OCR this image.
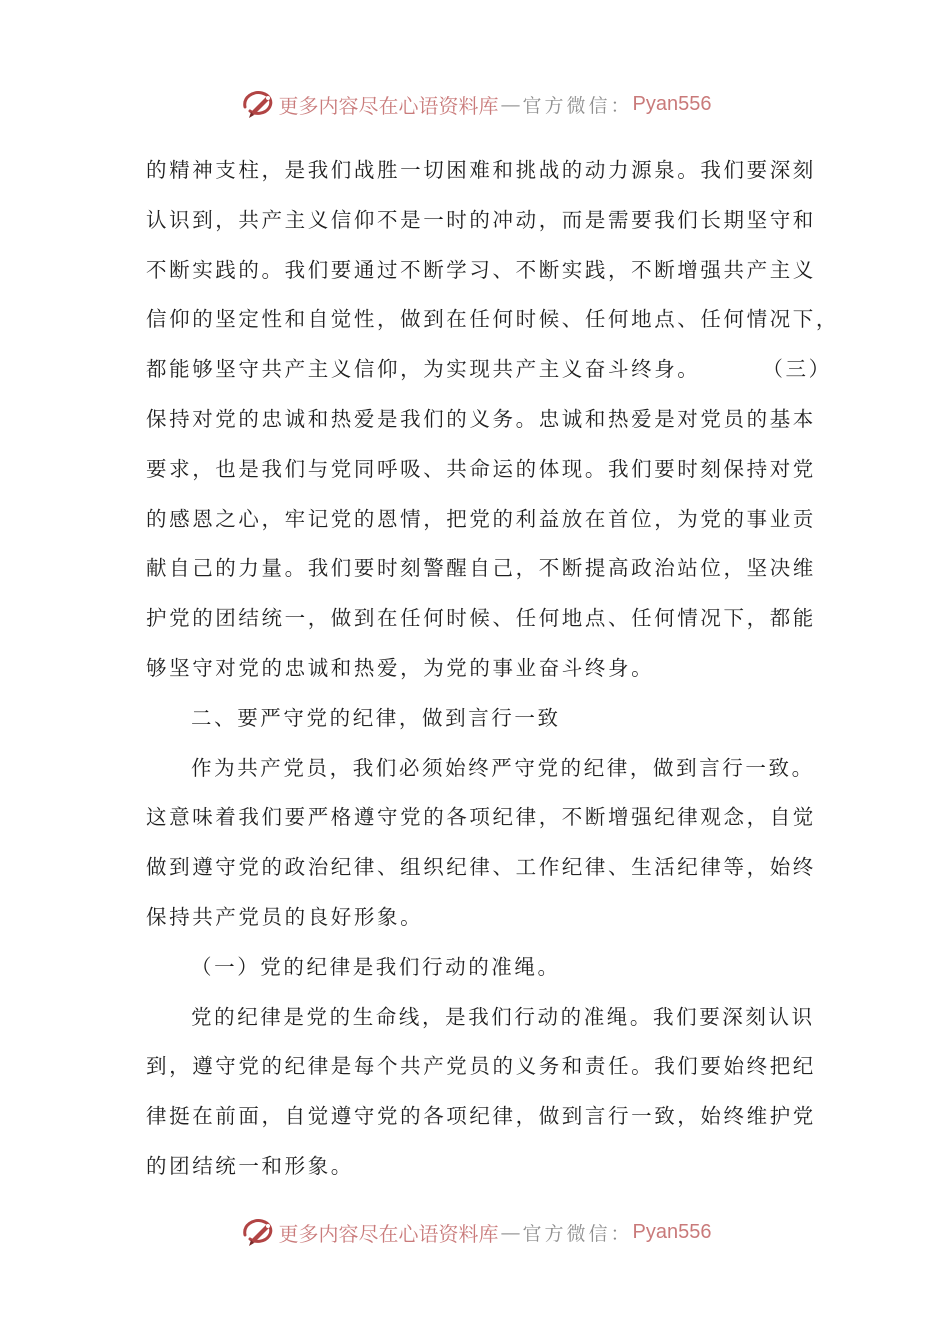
更多内容尽在心语资料库 — 官方微信： Pyan556
的精神支柱，是我们战胜一切困难和挑战的动力源泉。我们要深刻
认识到，共产主义信仰不是一时的冲动，而是需要我们长期坚守和
不断实践的。我们要通过不断学习、不断实践，不断增强共产主义
信仰的坚定性和自觉性，做到在任何时候、任何地点、任何情况下，
都能够坚守共产主义信仰，为实现共产主义奋斗终身。	（三）
保持对党的忠诚和热爱是我们的义务。忠诚和热爱是对党员的基本
要求，也是我们与党同呼吸、共命运的体现。我们要时刻保持对党
的感恩之心，牢记党的恩情，把党的利益放在首位，为党的事业贡
献自己的力量。我们要时刻警醒自己，不断提高政治站位，坚决维
护党的团结统一，做到在任何时候、任何地点、任何情况下，都能
够坚守对党的忠诚和热爱，为党的事业奋斗终身。
二、要严守党的纪律，做到言行一致
作为共产党员，我们必须始终严守党的纪律，做到言行一致。
这意味着我们要严格遵守党的各项纪律，不断增强纪律观念，自觉
做到遵守党的政治纪律、组织纪律、工作纪律、生活纪律等，始终
保持共产党员的良好形象。
（一）党的纪律是我们行动的准绳。
党的纪律是党的生命线，是我们行动的准绳。我们要深刻认识
到，遵守党的纪律是每个共产党员的义务和责任。我们要始终把纪
律挺在前面，自觉遵守党的各项纪律，做到言行一致，始终维护党
的团结统一和形象。
更多内容尽在心语资料库 — 官方微信： Pyan556
